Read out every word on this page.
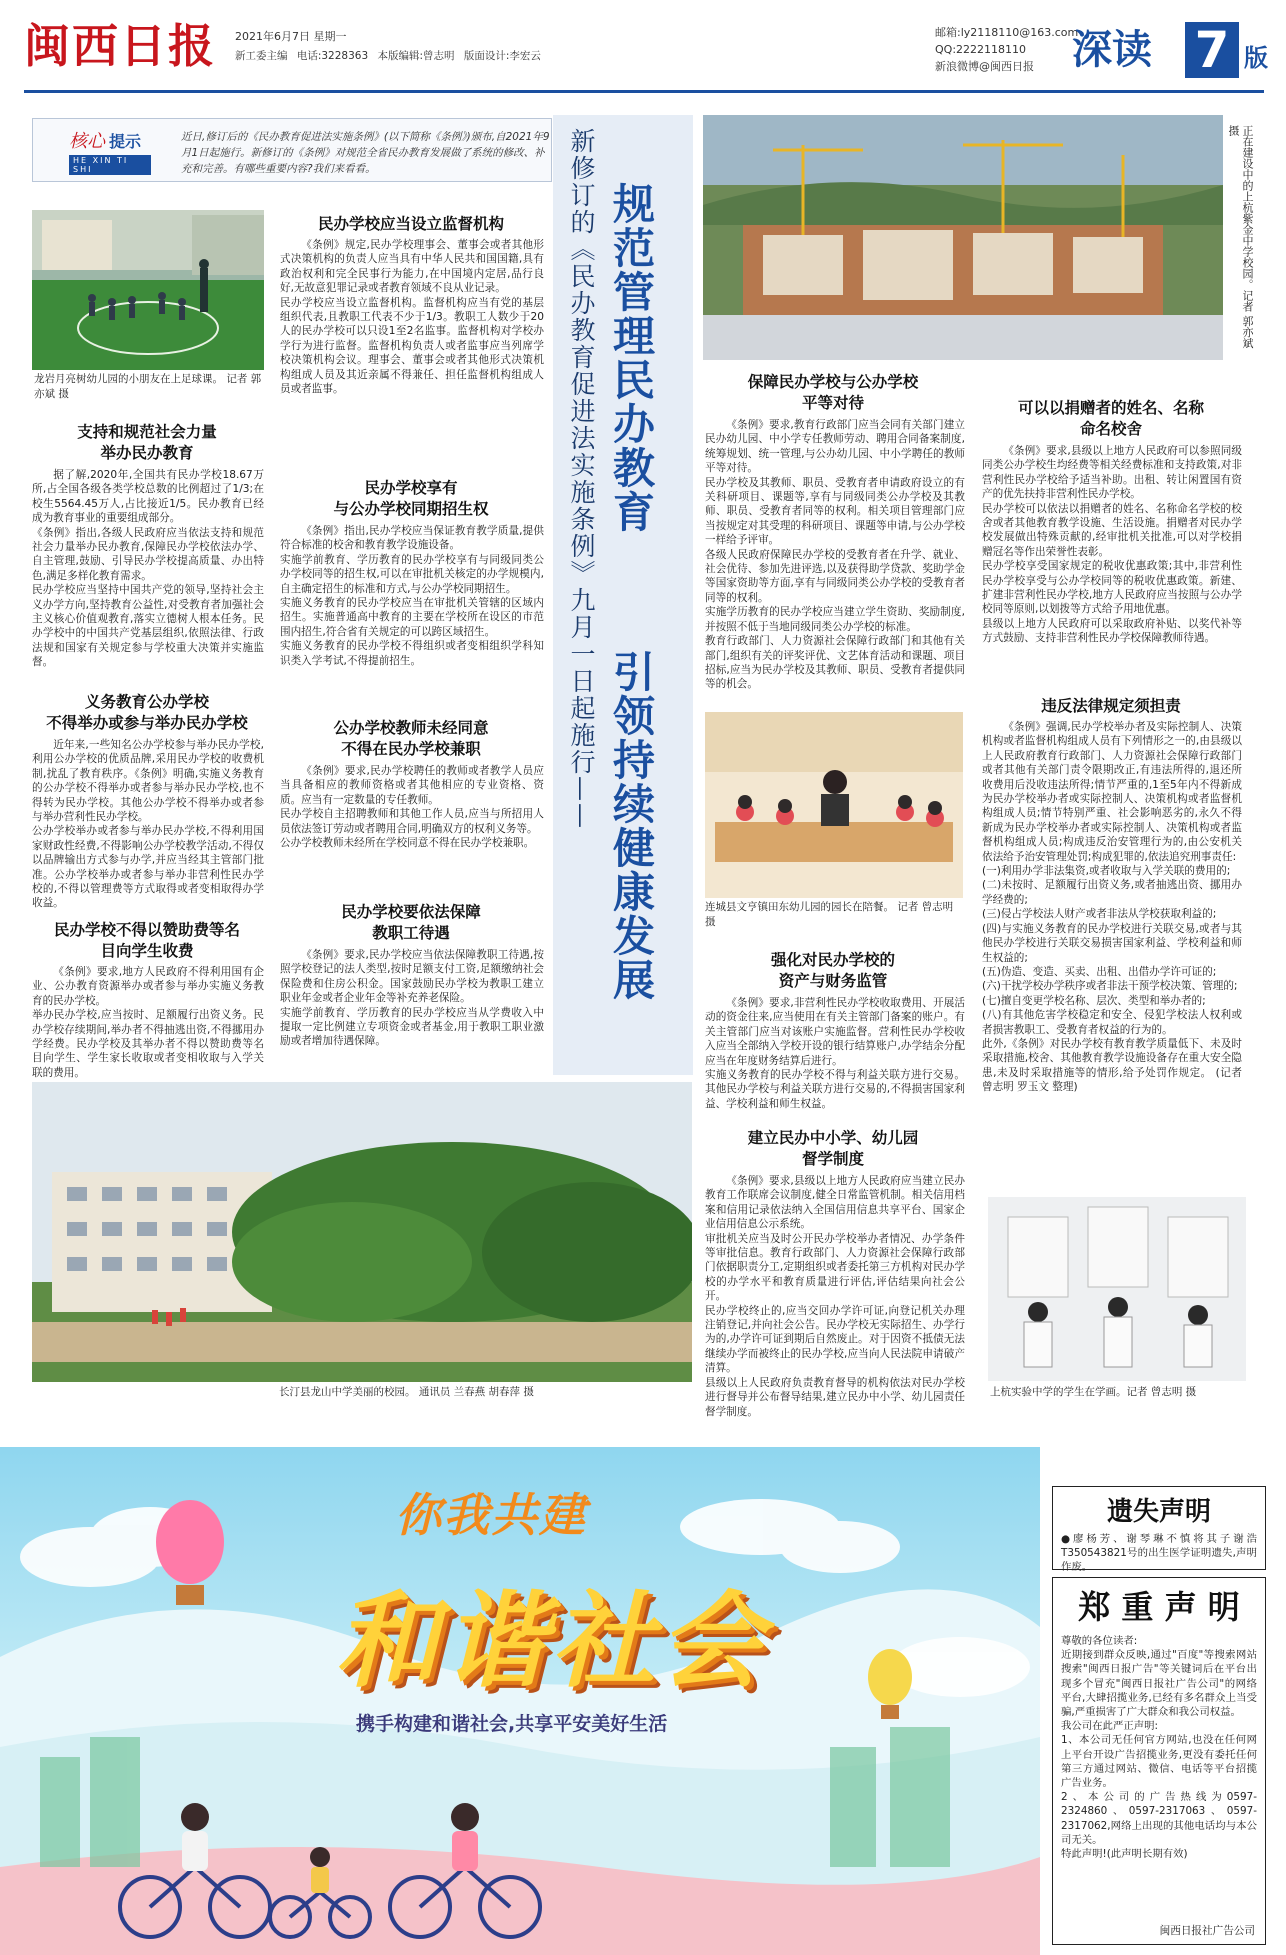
闽西日报 2021年6月7日 星期一
新工委主编 电话:3228363 本版编辑:曾志明 版面设计:李宏云
邮箱:ly2118110@163.com
QQ:2222118110
新浪微博@闽西日报 深读 7 版
核心 提示
HE XIN TI SHI
近日,修订后的《民办教育促进法实施条例》(以下简称《条例》)颁布,自2021年9月1日起施行。新修订的《条例》对规范全省民办教育发展做了系统的修改、补充和完善。有哪些重要内容?我们来看看。
龙岩月亮树幼儿园的小朋友在上足球课。 记者 郭亦斌 摄
支持和规范社会力量
举办民办教育
据了解,2020年,全国共有民办学校18.67万所,占全国各级各类学校总数的比例超过了1/3;在校生5564.45万人,占比接近1/5。民办教育已经成为教育事业的重要组成部分。
《条例》指出,各级人民政府应当依法支持和规范社会力量举办民办教育,保障民办学校依法办学、自主管理,鼓励、引导民办学校提高质量、办出特色,满足多样化教育需求。
民办学校应当坚持中国共产党的领导,坚持社会主义办学方向,坚持教育公益性,对受教育者加强社会主义核心价值观教育,落实立德树人根本任务。民办学校中的中国共产党基层组织,依照法律、行政法规和国家有关规定参与学校重大决策并实施监督。
义务教育公办学校
不得举办或参与举办民办学校
近年来,一些知名公办学校参与举办民办学校,利用公办学校的优质品牌,采用民办学校的收费机制,扰乱了教育秩序。《条例》明确,实施义务教育的公办学校不得举办或者参与举办民办学校,也不得转为民办学校。其他公办学校不得举办或者参与举办营利性民办学校。
公办学校举办或者参与举办民办学校,不得利用国家财政性经费,不得影响公办学校教学活动,不得仅以品牌输出方式参与办学,并应当经其主管部门批准。公办学校举办或者参与举办非营利性民办学校的,不得以管理费等方式取得或者变相取得办学收益。
民办学校不得以赞助费等名
目向学生收费
《条例》要求,地方人民政府不得利用国有企业、公办教育资源举办或者参与举办实施义务教育的民办学校。
举办民办学校,应当按时、足额履行出资义务。民办学校存续期间,举办者不得抽逃出资,不得挪用办学经费。民办学校及其举办者不得以赞助费等名目向学生、学生家长收取或者变相收取与入学关联的费用。
民办学校应当设立监督机构
《条例》规定,民办学校理事会、董事会或者其他形式决策机构的负责人应当具有中华人民共和国国籍,具有政治权利和完全民事行为能力,在中国境内定居,品行良好,无故意犯罪记录或者教育领域不良从业记录。
民办学校应当设立监督机构。监督机构应当有党的基层组织代表,且教职工代表不少于1/3。教职工人数少于20人的民办学校可以只设1至2名监事。监督机构对学校办学行为进行监督。监督机构负责人或者监事应当列席学校决策机构会议。理事会、董事会或者其他形式决策机构组成人员及其近亲属不得兼任、担任监督机构组成人员或者监事。
民办学校享有
与公办学校同期招生权
《条例》指出,民办学校应当保证教育教学质量,提供符合标准的校舍和教育教学设施设备。
实施学前教育、学历教育的民办学校享有与同级同类公办学校同等的招生权,可以在审批机关核定的办学规模内,自主确定招生的标准和方式,与公办学校同期招生。
实施义务教育的民办学校应当在审批机关管辖的区域内招生。实施普通高中教育的主要在学校所在设区的市范围内招生,符合省有关规定的可以跨区域招生。
实施义务教育的民办学校不得组织或者变相组织学科知识类入学考试,不得提前招生。
公办学校教师未经同意
不得在民办学校兼职
《条例》要求,民办学校聘任的教师或者教学人员应当具备相应的教师资格或者其他相应的专业资格、资质。应当有一定数量的专任教师。
民办学校自主招聘教师和其他工作人员,应当与所招用人员依法签订劳动或者聘用合同,明确双方的权利义务等。
公办学校教师未经所在学校同意不得在民办学校兼职。
民办学校要依法保障
教职工待遇
《条例》要求,民办学校应当依法保障教职工待遇,按照学校登记的法人类型,按时足额支付工资,足额缴纳社会保险费和住房公积金。国家鼓励民办学校为教职工建立职业年金或者企业年金等补充养老保险。
实施学前教育、学历教育的民办学校应当从学费收入中提取一定比例建立专项资金或者基金,用于教职工职业激励或者增加待遇保障。
长汀县龙山中学美丽的校园。 通讯员 兰春燕 胡春萍 摄
新修订的《民办教育促进法实施条例》九月一日起施行—— 规范管理民办教育
引领持续健康发展
正在建设中的上杭紫金中学校园。记者 郭亦斌 摄
保障民办学校与公办学校
平等对待
《条例》要求,教育行政部门应当会同有关部门建立民办幼儿园、中小学专任教师劳动、聘用合同备案制度,统筹规划、统一管理,与公办幼儿园、中小学聘任的教师平等对待。
民办学校及其教师、职员、受教育者申请政府设立的有关科研项目、课题等,享有与同级同类公办学校及其教师、职员、受教育者同等的权利。相关项目管理部门应当按规定对其受理的科研项目、课题等申请,与公办学校一样给予评审。
各级人民政府保障民办学校的受教育者在升学、就业、社会优待、参加先进评选,以及获得助学贷款、奖助学金等国家资助等方面,享有与同级同类公办学校的受教育者同等的权利。
实施学历教育的民办学校应当建立学生资助、奖励制度,并按照不低于当地同级同类公办学校的标准。
教育行政部门、人力资源社会保障行政部门和其他有关部门,组织有关的评奖评优、文艺体育活动和课题、项目招标,应当为民办学校及其教师、职员、受教育者提供同等的机会。
连城县文亨镇田东幼儿园的园长在陪餐。 记者 曾志明 摄
强化对民办学校的
资产与财务监管
《条例》要求,非营利性民办学校收取费用、开展活动的资金往来,应当使用在有关主管部门备案的账户。有关主管部门应当对该账户实施监督。营利性民办学校收入应当全部纳入学校开设的银行结算账户,办学结余分配应当在年度财务结算后进行。
实施义务教育的民办学校不得与利益关联方进行交易。其他民办学校与利益关联方进行交易的,不得损害国家利益、学校利益和师生权益。
建立民办中小学、幼儿园
督学制度
《条例》要求,县级以上地方人民政府应当建立民办教育工作联席会议制度,健全日常监管机制。相关信用档案和信用记录依法纳入全国信用信息共享平台、国家企业信用信息公示系统。
审批机关应当及时公开民办学校举办者情况、办学条件等审批信息。教育行政部门、人力资源社会保障行政部门依据职责分工,定期组织或者委托第三方机构对民办学校的办学水平和教育质量进行评估,评估结果向社会公开。
民办学校终止的,应当交回办学许可证,向登记机关办理注销登记,并向社会公告。民办学校无实际招生、办学行为的,办学许可证到期后自然废止。对于因资不抵债无法继续办学而被终止的民办学校,应当向人民法院申请破产清算。
县级以上人民政府负责教育督导的机构依法对民办学校进行督导并公布督导结果,建立民办中小学、幼儿园责任督学制度。
可以以捐赠者的姓名、名称
命名校舍
《条例》要求,县级以上地方人民政府可以参照同级同类公办学校生均经费等相关经费标准和支持政策,对非营利性民办学校给予适当补助。出租、转让闲置国有资产的优先扶持非营利性民办学校。
民办学校可以依法以捐赠者的姓名、名称命名学校的校舍或者其他教育教学设施、生活设施。捐赠者对民办学校发展做出特殊贡献的,经审批机关批准,可以对学校捐赠冠名等作出荣誉性表彰。
民办学校享受国家规定的税收优惠政策;其中,非营利性民办学校享受与公办学校同等的税收优惠政策。新建、扩建非营利性民办学校,地方人民政府应当按照与公办学校同等原则,以划拨等方式给予用地优惠。
县级以上地方人民政府可以采取政府补贴、以奖代补等方式鼓励、支持非营利性民办学校保障教师待遇。
违反法律规定须担责
《条例》强调,民办学校举办者及实际控制人、决策机构或者监督机构组成人员有下列情形之一的,由县级以上人民政府教育行政部门、人力资源社会保障行政部门或者其他有关部门责令限期改正,有违法所得的,退还所收费用后没收违法所得;情节严重的,1至5年内不得新成为民办学校举办者或实际控制人、决策机构或者监督机构组成人员;情节特别严重、社会影响恶劣的,永久不得新成为民办学校举办者或实际控制人、决策机构或者监督机构组成人员;构成违反治安管理行为的,由公安机关依法给予治安管理处罚;构成犯罪的,依法追究刑事责任:
(一)利用办学非法集资,或者收取与入学关联的费用的;
(二)未按时、足额履行出资义务,或者抽逃出资、挪用办学经费的;
(三)侵占学校法人财产或者非法从学校获取利益的;
(四)与实施义务教育的民办学校进行关联交易,或者与其他民办学校进行关联交易损害国家利益、学校利益和师生权益的;
(五)伪造、变造、买卖、出租、出借办学许可证的;
(六)干扰学校办学秩序或者非法干预学校决策、管理的;
(七)擅自变更学校名称、层次、类型和举办者的;
(八)有其他危害学校稳定和安全、侵犯学校法人权利或者损害教职工、受教育者权益的行为的。
此外,《条例》对民办学校有教育教学质量低下、未及时采取措施,校舍、其他教育教学设施设备存在重大安全隐患,未及时采取措施等的情形,给予处罚作规定。 (记者 曾志明 罗玉文 整理)
上杭实验中学的学生在学画。记者 曾志明 摄
你我共建
和谐社会
携手构建和谐社会,共享平安美好生活
遗失声明
●廖杨芳、谢琴琳不慎将其子谢浩T350543821号的出生医学证明遗失,声明作废。
郑 重 声 明
尊敬的各位读者:
近期接到群众反映,通过"百度"等搜索网站搜索"闽西日报广告"等关键词后在平台出现多个冒充"闽西日报社广告公司"的网络平台,大肆招揽业务,已经有多名群众上当受骗,严重损害了广大群众和我公司权益。
我公司在此严正声明:
1、本公司无任何官方网站,也没在任何网上平台开设广告招揽业务,更没有委托任何第三方通过网站、微信、电话等平台招揽广告业务。
2、本公司的广告热线为0597-2324860、0597-2317063、0597-2317062,网络上出现的其他电话均与本公司无关。
特此声明!(此声明长期有效)
闽西日报社广告公司
